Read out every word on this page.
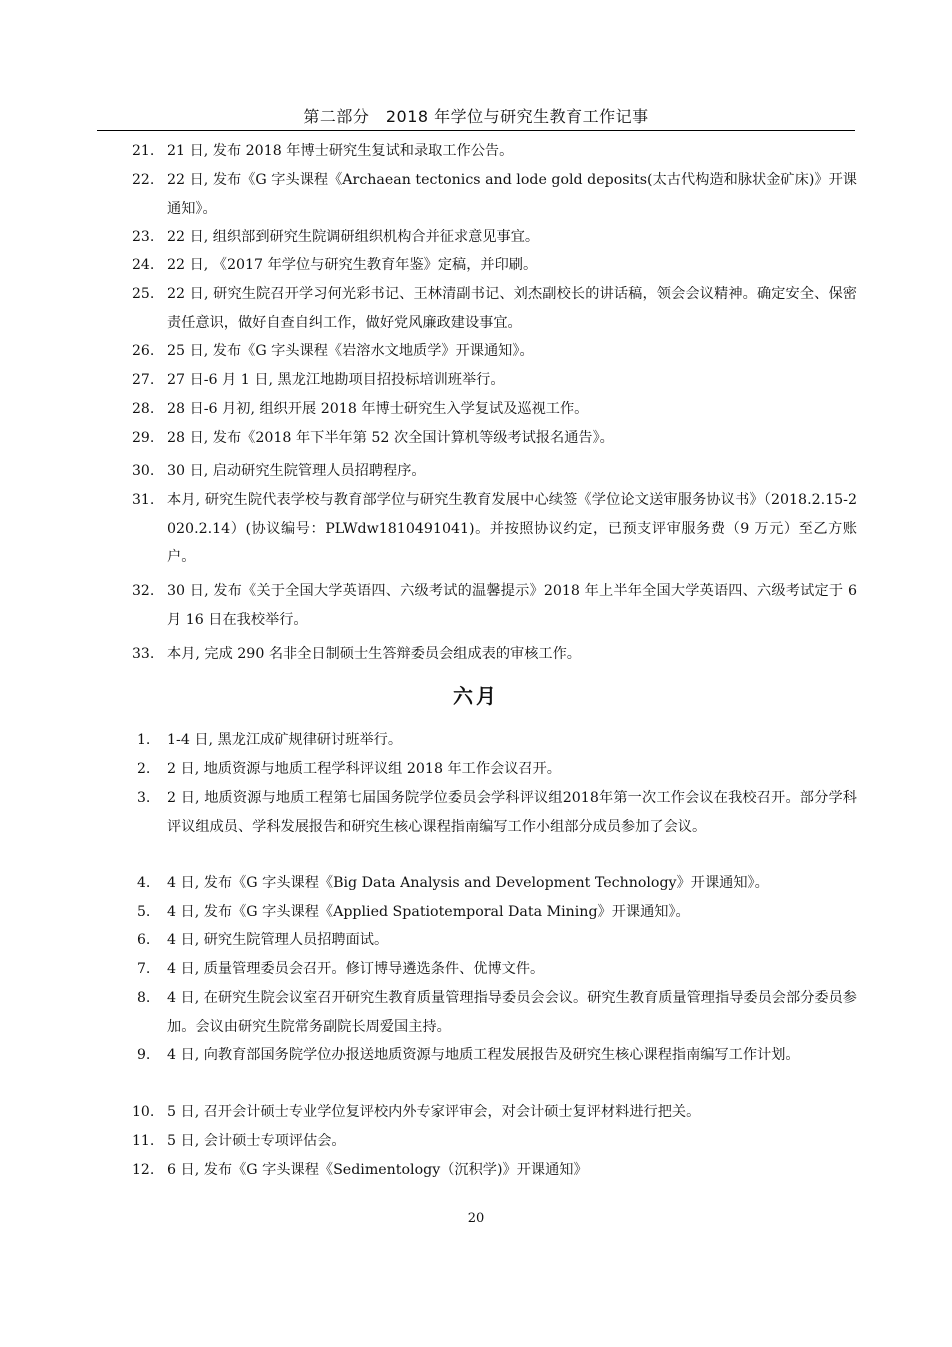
第二部分　2018 年学位与研究生教育工作记事
21. 21 日, 发布 2018 年博士研究生复试和录取工作公告。
22. 22 日, 发布《G 字头课程《Archaean tectonics and lode gold deposits(太古代构造和脉状金矿床)》开课通知》。
23. 22 日, 组织部到研究生院调研组织机构合并征求意见事宜。
24. 22 日, 《2017 年学位与研究生教育年鉴》定稿，并印刷。
25. 22 日, 研究生院召开学习何光彩书记、王林清副书记、刘杰副校长的讲话稿，领会会议精神。确定安全、保密责任意识，做好自查自纠工作，做好党风廉政建设事宜。
26. 25 日, 发布《G 字头课程《岩溶水文地质学》开课通知》。
27. 27 日-6 月 1 日, 黑龙江地勘项目招投标培训班举行。
28. 28 日-6 月初, 组织开展 2018 年博士研究生入学复试及巡视工作。
29. 28 日, 发布《2018 年下半年第 52 次全国计算机等级考试报名通告》。
30. 30 日, 启动研究生院管理人员招聘程序。
31. 本月, 研究生院代表学校与教育部学位与研究生教育发展中心续签《学位论文送审服务协议书》（2018.2.15-2020.2.14）(协议编号：PLWdw1810491041)。并按照协议约定，已预支评审服务费（9 万元）至乙方账户。
32. 30 日, 发布《关于全国大学英语四、六级考试的温馨提示》2018 年上半年全国大学英语四、六级考试定于 6 月 16 日在我校举行。
33. 本月, 完成 290 名非全日制硕士生答辩委员会组成表的审核工作。
六月
1. 1-4 日, 黑龙江成矿规律研讨班举行。
2. 2 日, 地质资源与地质工程学科评议组 2018 年工作会议召开。
3. 2 日, 地质资源与地质工程第七届国务院学位委员会学科评议组2018年第一次工作会议在我校召开。部分学科评议组成员、学科发展报告和研究生核心课程指南编写工作小组部分成员参加了会议。
4. 4 日, 发布《G 字头课程《Big Data Analysis and Development Technology》开课通知》。
5. 4 日, 发布《G 字头课程《Applied Spatiotemporal Data Mining》开课通知》。
6. 4 日, 研究生院管理人员招聘面试。
7. 4 日, 质量管理委员会召开。修订博导遴选条件、优博文件。
8. 4 日, 在研究生院会议室召开研究生教育质量管理指导委员会会议。研究生教育质量管理指导委员会部分委员参加。会议由研究生院常务副院长周爱国主持。
9. 4 日, 向教育部国务院学位办报送地质资源与地质工程发展报告及研究生核心课程指南编写工作计划。
10. 5 日, 召开会计硕士专业学位复评校内外专家评审会，对会计硕士复评材料进行把关。
11. 5 日, 会计硕士专项评估会。
12. 6 日, 发布《G 字头课程《Sedimentology（沉积学)》开课通知》
20
